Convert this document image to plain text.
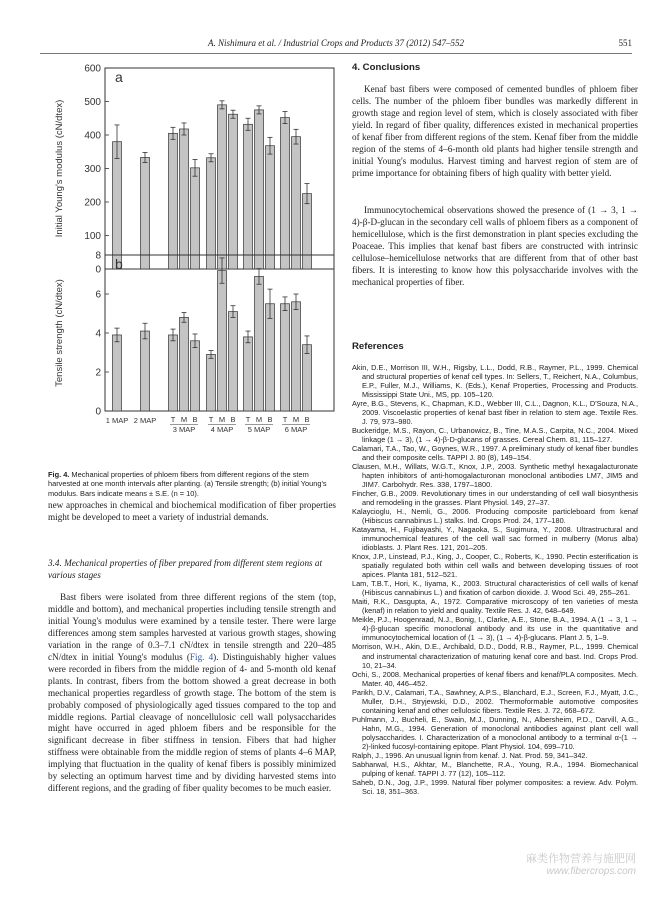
A. Nishimura et al. / Industrial Crops and Products 37 (2012) 547–552	551
0
100
200
300
400
500
600 a
Initial Young's modulus (cN/dtex)
0
2
4
6
8 b
Tensile strength (cN/dtex)
1 MAP 2 MAP
3 MAP 4 MAP 5 MAP 6 MAP
T M B T M B T M B T M B
Fig. 4. Mechanical properties of phloem fibers from different regions of the stem harvested at one month intervals after planting. (a) Tensile strength; (b) initial Young's modulus. Bars indicate means ± S.E. (n = 10).
new approaches in chemical and biochemical modification of fiber properties might be developed to meet a variety of industrial demands.
3.4. Mechanical properties of fiber prepared from different stem regions at various stages
Bast fibers were isolated from three different regions of the stem (top, middle and bottom), and mechanical properties including tensile strength and initial Young's modulus were examined by a tensile tester. There were large differences among stem samples harvested at various growth stages, showing variation in the range of 0.3–7.1 cN/dtex in tensile strength and 220–485 cN/dtex in initial Young's modulus (Fig. 4). Distinguishably higher values were recorded in fibers from the middle region of 4- and 5-month old kenaf plants. In contrast, fibers from the bottom showed a great decrease in both mechanical properties regardless of growth stage. The bottom of the stem is probably composed of physiologically aged tissues compared to the top and middle regions. Partial cleavage of noncellulosic cell wall polysaccharides might have occurred in aged phloem fibers and be responsible for the significant decrease in fiber stiffness in tension. Fibers that had higher stiffness were obtainable from the middle region of stems of plants 4–6 MAP, implying that fluctuation in the quality of kenaf fibers is possibly minimized by selecting an optimum harvest time and by dividing harvested stems into different regions, and the grading of fiber quality becomes to be much easier.
4. Conclusions
Kenaf bast fibers were composed of cemented bundles of phloem fiber cells. The number of the phloem fiber bundles was markedly different in growth stage and region level of stem, which is closely associated with fiber yield. In regard of fiber quality, differences existed in mechanical properties of kenaf fiber from different regions of the stem. Kenaf fiber from the middle region of the stems of 4–6-month old plants had higher tensile strength and initial Young's modulus. Harvest timing and harvest region of stem are of prime importance for obtaining fibers of high quality with better yield.
Immunocytochemical observations showed the presence of (1 → 3, 1 → 4)-β-D-glucan in the secondary cell walls of phloem fibers as a component of hemicellulose, which is the first demonstration in plant species excluding the Poaceae. This implies that kenaf bast fibers are constructed with intrinsic cellulose–hemicellulose networks that are different from that of other bast fibers. It is interesting to know how this polysaccharide involves with the mechanical properties of fiber.
References
Akin, D.E., Morrison III, W.H., Rigsby, L.L., Dodd, R.B., Raymer, P.L., 1999. Chemical and structural properties of kenaf cell types. In: Sellers, T., Reichert, N.A., Columbus, E.P., Fuller, M.J., Williams, K. (Eds.), Kenaf Properties, Processing and Products. Mississippi State Uni., MS, pp. 105–120.
Ayre, B.G., Stevens, K., Chapman, K.D., Webber III, C.L., Dagnon, K.L., D'Souza, N.A., 2009. Viscoelastic properties of kenaf bast fiber in relation to stem age. Textile Res. J. 79, 973–980.
Buckeridge, M.S., Rayon, C., Urbanowicz, B., Tine, M.A.S., Carpita, N.C., 2004. Mixed linkage (1 → 3), (1 → 4)-β-D-glucans of grasses. Cereal Chem. 81, 115–127.
Calamari, T.A., Tao, W., Goynes, W.R., 1997. A preliminary study of kenaf fiber bundles and their composite cells. TAPPI J. 80 (8), 149–154.
Clausen, M.H., Willats, W.G.T., Knox, J.P., 2003. Synthetic methyl hexagalacturonate hapten inhibitors of anti-homogalacturonan monoclonal antibodies LM7, JIM5 and JIM7. Carbohydr. Res. 338, 1797–1800.
Fincher, G.B., 2009. Revolutionary times in our understanding of cell wall biosynthesis and remodeling in the grasses. Plant Physiol. 149, 27–37.
Kalaycioglu, H., Nemli, G., 2006. Producing composite particleboard from kenaf (Hibiscus cannabinus L.) stalks. Ind. Crops Prod. 24, 177–180.
Katayama, H., Fujibayashi, Y., Nagaoka, S., Sugimura, Y., 2008. Ultrastructural and immunochemical features of the cell wall sac formed in mulberry (Morus alba) idioblasts. J. Plant Res. 121, 201–205.
Knox, J.P., Linstead, P.J., King, J., Cooper, C., Roberts, K., 1990. Pectin esterification is spatially regulated both within cell walls and between developing tissues of root apices. Planta 181, 512–521.
Lam, T.B.T., Hori, K., Iiyama, K., 2003. Structural characteristics of cell walls of kenaf (Hibiscus cannabinus L.) and fixation of carbon dioxide. J. Wood Sci. 49, 255–261.
Maiti, R.K., Dasgupta, A., 1972. Comparative microscopy of ten varieties of mesta (kenaf) in relation to yield and quality. Textile Res. J. 42, 648–649.
Meikle, P.J., Hoogenraad, N.J., Bonig, I., Clarke, A.E., Stone, B.A., 1994. A (1 → 3, 1 → 4)-β-glucan specific monoclonal antibody and its use in the quantitative and immunocytochemical location of (1 → 3), (1 → 4)-β-glucans. Plant J. 5, 1–9.
Morrison, W.H., Akin, D.E., Archibald, D.D., Dodd, R.B., Raymer, P.L., 1999. Chemical and instrumental characterization of maturing kenaf core and bast. Ind. Crops Prod. 10, 21–34.
Ochi, S., 2008. Mechanical properties of kenaf fibers and kenaf/PLA composites. Mech. Mater. 40, 446–452.
Parikh, D.V., Calamari, T.A., Sawhney, A.P.S., Blanchard, E.J., Screen, F.J., Myatt, J.C., Muller, D.H., Stryjewski, D.D., 2002. Thermoformable automotive composites containing kenaf and other cellulosic fibers. Textile Res. J. 72, 668–672.
Puhlmann, J., Bucheli, E., Swain, M.J., Dunning, N., Albersheim, P.D., Darvill, A.G., Hahn, M.G., 1994. Generation of monoclonal antibodies against plant cell wall polysaccharides. I. Characterization of a monoclonal antibody to a terminal α-(1 → 2)-linked fucosyl-containing epitope. Plant Physiol. 104, 699–710.
Ralph, J., 1996. An unusual lignin from kenaf. J. Nat. Prod. 59, 341–342.
Sabharwal, H.S., Akhtar, M., Blanchette, R.A., Young, R.A., 1994. Biomechanical pulping of kenaf. TAPPI J. 77 (12), 105–112.
Saheb, D.N., Jog, J.P., 1999. Natural fiber polymer composites: a review. Adv. Polym. Sci. 18, 351–363.
麻类作物营养与施肥网
www.fibercrops.com
